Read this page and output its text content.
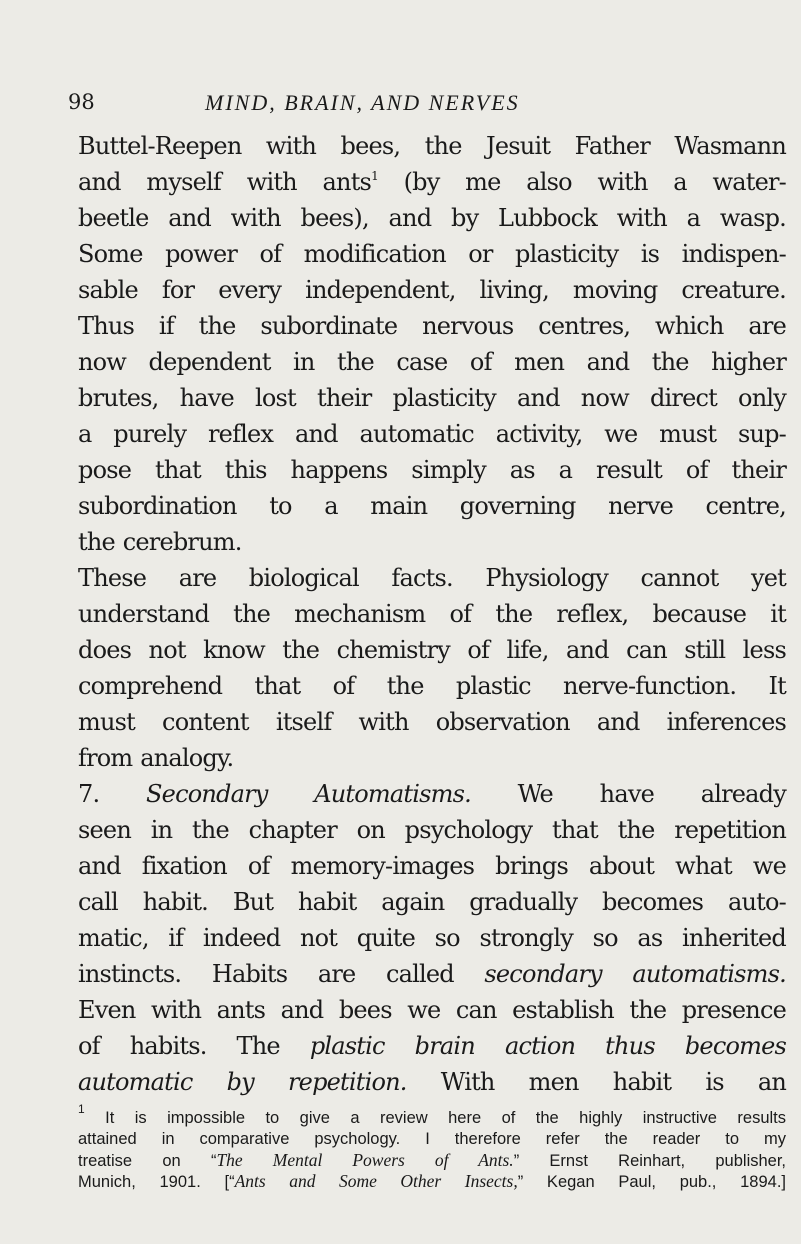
98	MIND, BRAIN, AND NERVES
Buttel-Reepen with bees, the Jesuit Father Wasmann
and myself with ants$^1$ (by me also with a water-
beetle and with bees), and by Lubbock with a wasp.
Some power of modification or plasticity is indispen-
sable for every independent, living, moving creature.
Thus if the subordinate nervous centres, which are
now dependent in the case of men and the higher
brutes, have lost their plasticity and now direct only
a purely reflex and automatic activity, we must sup-
pose that this happens simply as a result of their
subordination to a main governing nerve centre,
the cerebrum.
These are biological facts. Physiology cannot yet
understand the mechanism of the reflex, because it
does not know the chemistry of life, and can still less
comprehend that of the plastic nerve-function. It
must content itself with observation and inferences
from analogy.
7. Secondary Automatisms. We have already
seen in the chapter on psychology that the repetition
and fixation of memory-images brings about what we
call habit. But habit again gradually becomes auto-
matic, if indeed not quite so strongly so as inherited
instincts. Habits are called secondary automatisms.
Even with ants and bees we can establish the presence
of habits. The plastic brain action thus becomes
automatic by repetition. With men habit is an
$^1$ It is impossible to give a review here of the highly instructive results
attained in comparative psychology. I therefore refer the reader to my
treatise on “The Mental Powers of Ants.” Ernst Reinhart, publisher,
Munich, 1901. [“Ants and Some Other Insects,” Kegan Paul, pub., 1894.]
